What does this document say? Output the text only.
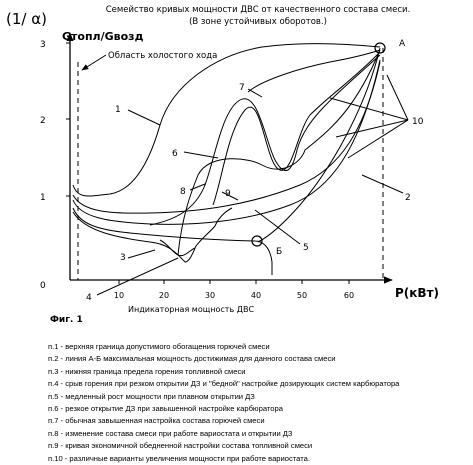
Семейство кривых мощности ДВС от качественного состава смеси.
(В зоне устойчивых оборотов.)
(1/ α)
Gтопл/Gвозд
1
2
3
0
10	20	30	40	50	60	P(кВт)
Индикаторная мощность ДВС
Фиг. 1
Область холостого хода
А
Б
1
2
3
4
5
6
7
8	9
10
п.1 - верхняя граница допустимого обогащения горючей смеси
п.2 - линия А-Б максимальная мощность достижимая для данного состава смеси
п.3 - нижняя граница предела горения топливной смеси
п.4 - срыв горения при резком открытии ДЗ и "бедной" настройке дозирующих систем карбюратора
п.5 - медленный рост мощности при плавном открытии ДЗ
п.6 - резкое открытие ДЗ при завышенной настройке карбюратора
п.7 - обычная завышенная настройка состава горючей смеси
п.8 - изменение состава смеси при работе вариостата и открытии ДЗ
п.9 - кривая экономичной обедненной настройки состава топливной смеси
п.10 - различные варианты увеличения мощности при работе вариостата.
